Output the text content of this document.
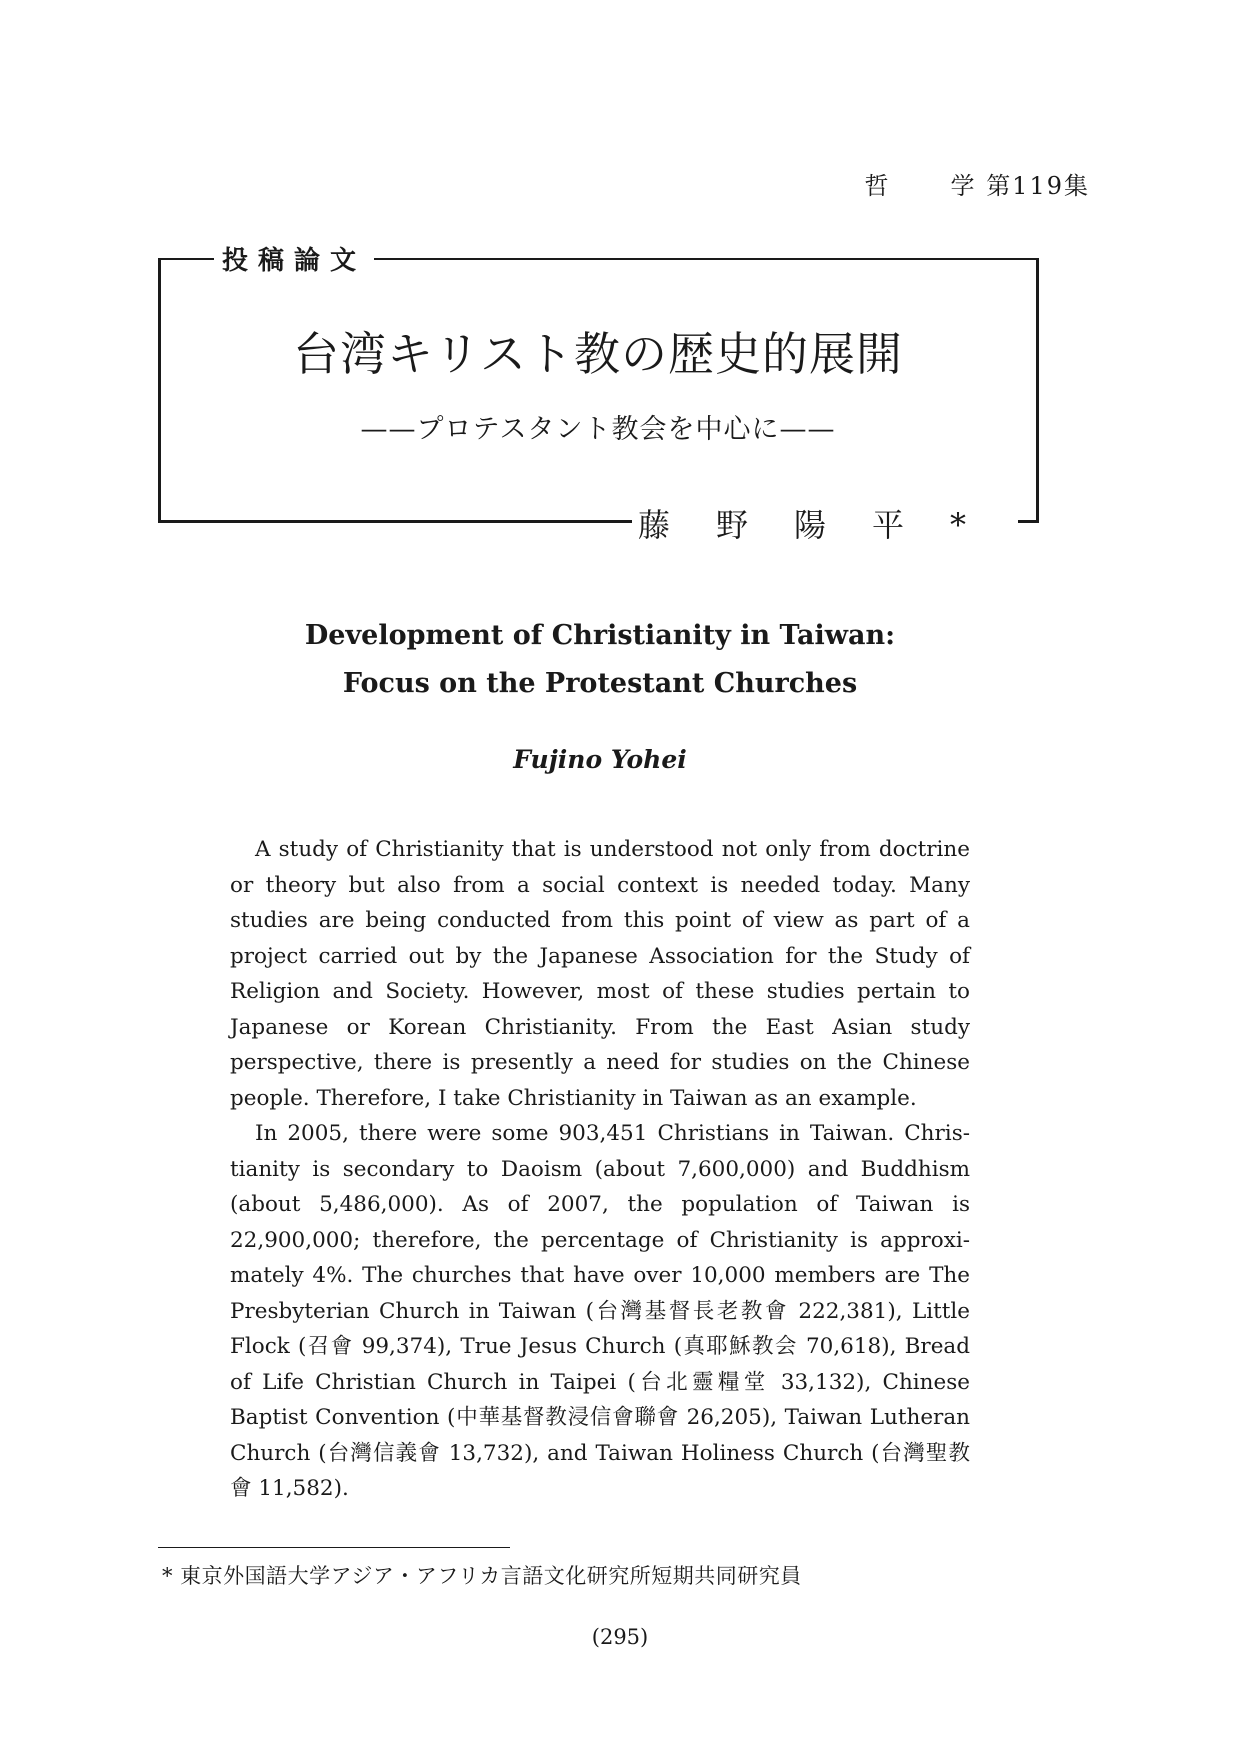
哲	学 第119集
投稿論文
台湾キリスト教の歴史的展開
——プロテスタント教会を中心に——
藤野陽平*
Development of Christianity in Taiwan:
Focus on the Protestant Churches
Fujino Yohei

A study of Christianity that is understood not only from doctrine or theory but also from a social context is needed today. Many studies are being conducted from this point of view as part of a project carried out by the Japanese Association for the Study of Religion and Society. However, most of these studies pertain to Japanese or Korean Christianity. From the East Asian study perspective, there is presently a need for studies on the Chinese people. Therefore, I take Christianity in Taiwan as an example.

In 2005, there were some 903,451 Christians in Taiwan. Christianity is secondary to Daoism (about 7,600,000) and Buddhism (about 5,486,000). As of 2007, the population of Taiwan is 22,900,000; therefore, the percentage of Christianity is approximately 4%. The churches that have over 10,000 members are The Presbyterian Church in Taiwan (台灣基督長老教會 222,381), Little Flock (召會 99,374), True Jesus Church (真耶穌教会 70,618), Bread of Life Christian Church in Taipei (台北靈糧堂 33,132), Chinese Baptist Convention (中華基督教浸信會聯會 26,205), Taiwan Lutheran Church (台灣信義會 13,732), and Taiwan Holiness Church (台灣聖教會 11,582).

* 東京外国語大学アジア・アフリカ言語文化研究所短期共同研究員
(295)
